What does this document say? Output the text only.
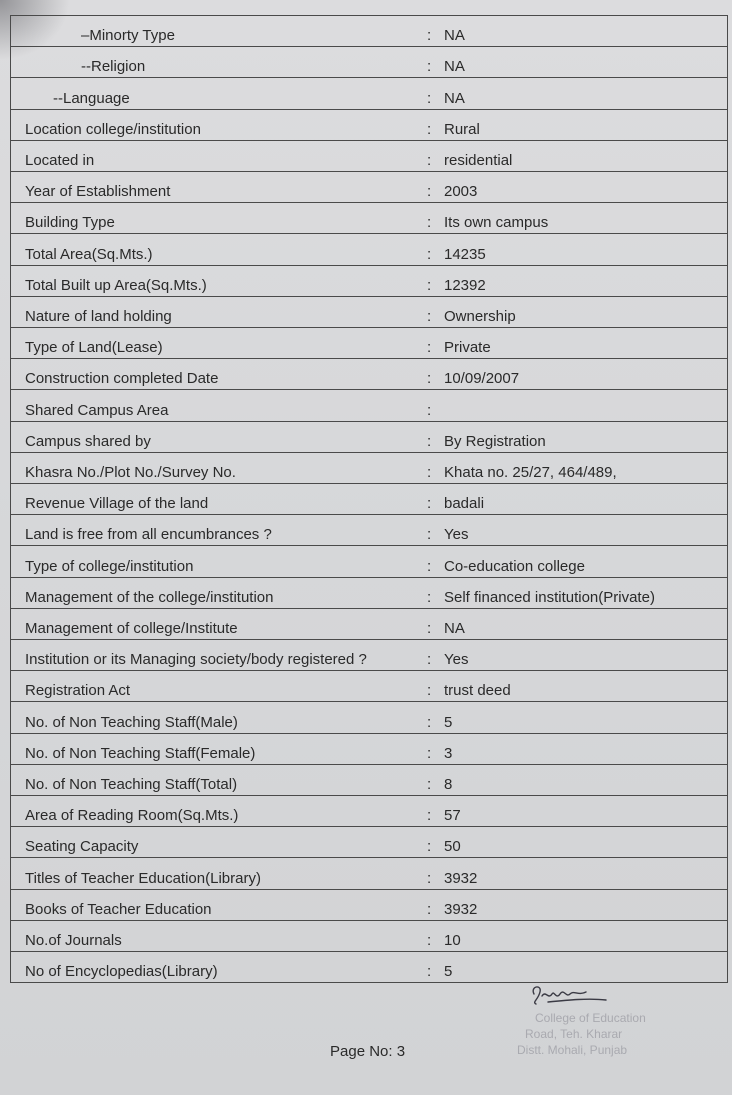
–Minorty Type	: NA
--Religion	: NA
--Language	: NA
Location college/institution	: Rural
Located in	: residential
Year of Establishment	: 2003
Building Type	: Its own campus
Total Area(Sq.Mts.)	: 14235
Total Built up Area(Sq.Mts.)	: 12392
Nature of land holding	: Ownership
Type of Land(Lease)	: Private
Construction completed Date	: 10/09/2007
Shared Campus Area	:
Campus shared by	: By Registration
Khasra No./Plot No./Survey No.	: Khata no. 25/27, 464/489,
Revenue Village of the land	: badali
Land is free from all encumbrances ?	: Yes
Type of college/institution	: Co-education college
Management of the college/institution	: Self financed institution(Private)
Management of college/Institute	: NA
Institution or its Managing society/body registered ?	: Yes
Registration Act	: trust deed
No. of Non Teaching Staff(Male)	: 5
No. of Non Teaching Staff(Female)	: 3
No. of Non Teaching Staff(Total)	: 8
Area of Reading Room(Sq.Mts.)	: 57
Seating Capacity	: 50
Titles of Teacher Education(Library)	: 3932
Books of Teacher Education	: 3932
No.of Journals	: 10
No of Encyclopedias(Library)	: 5
College of Education
Road, Teh. Kharar
Distt. Mohali, Punjab
Page No: 3
